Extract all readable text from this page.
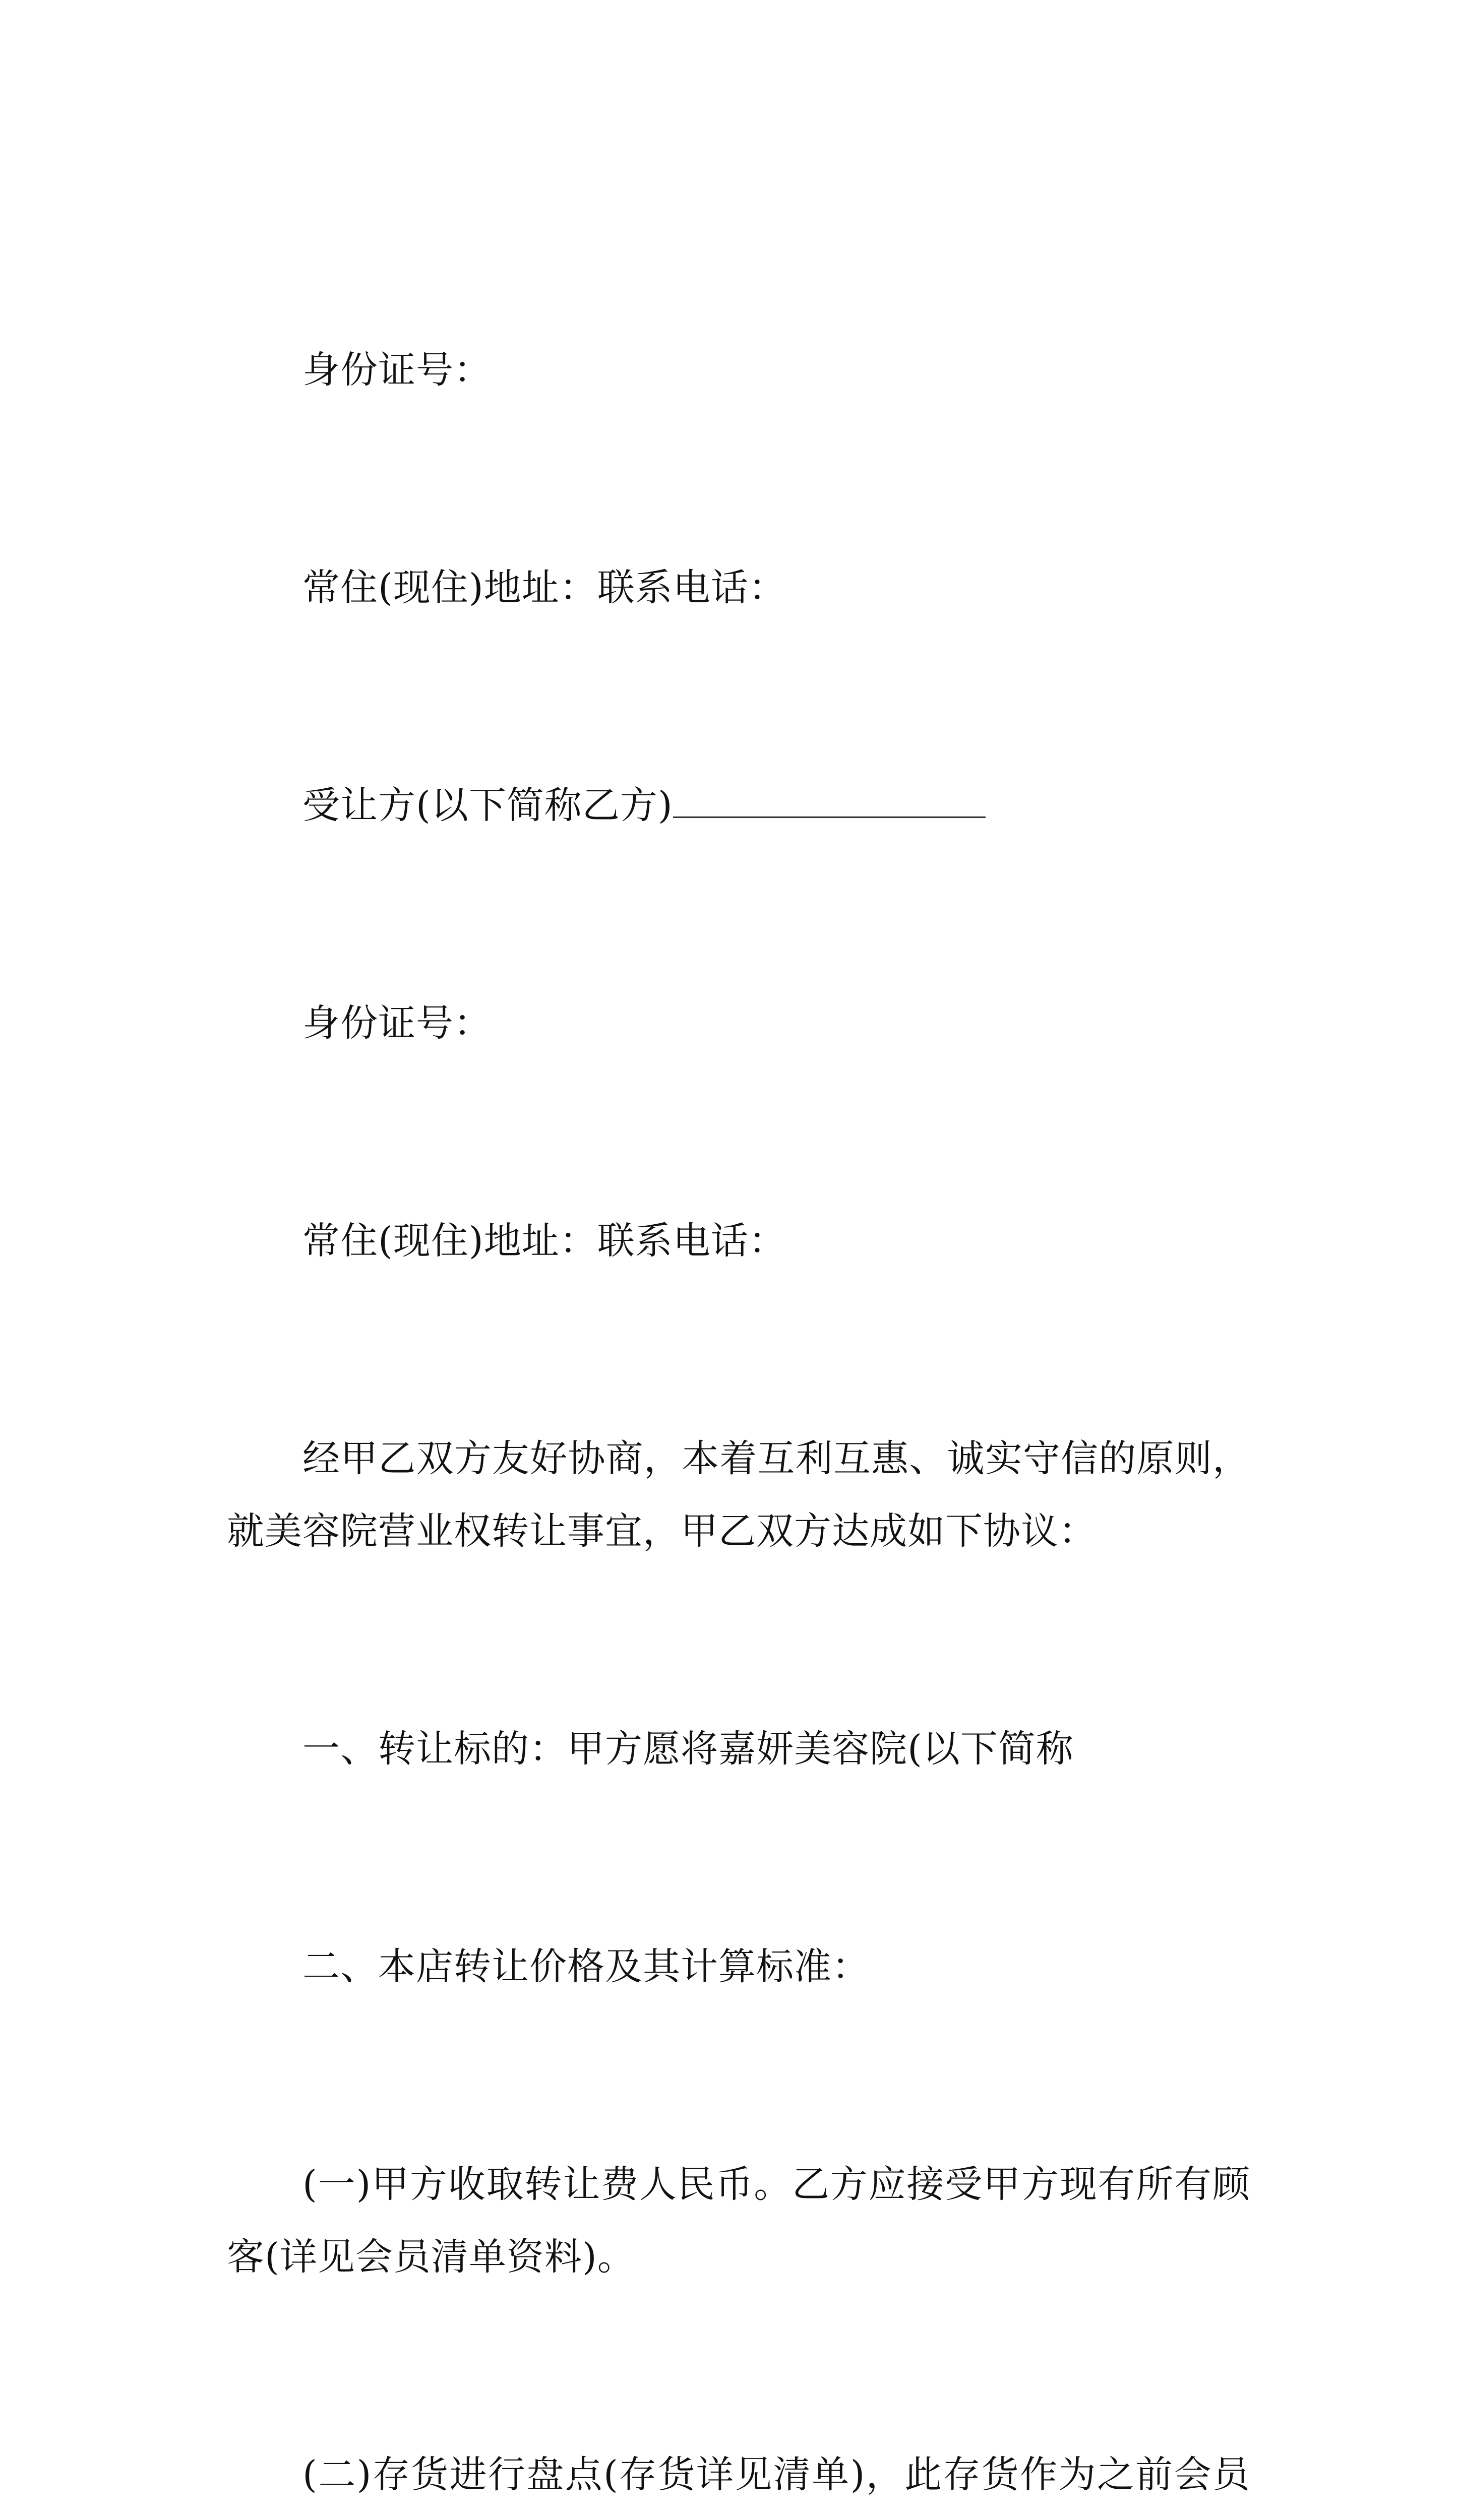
身份证号：

常住(现住)地址：联系电话：

受让方(以下简称乙方)

身份证号：

常住(现住)地址：联系电话：

经甲乙双方友好协商，本着互利互惠、诚实守信的原则，就美容院营业权转让事宜，甲乙双方达成如下协议：

一、转让标的：甲方愿将嘉妍美容院(以下简称

二、本店转让价格及其计算标准：

(一)甲方收取转让费人民币。乙方应接受甲方现有所有顾客(详见会员清单资料)。

(二)存货进行盘点(存货详见清单)，此存货作为之前会员
